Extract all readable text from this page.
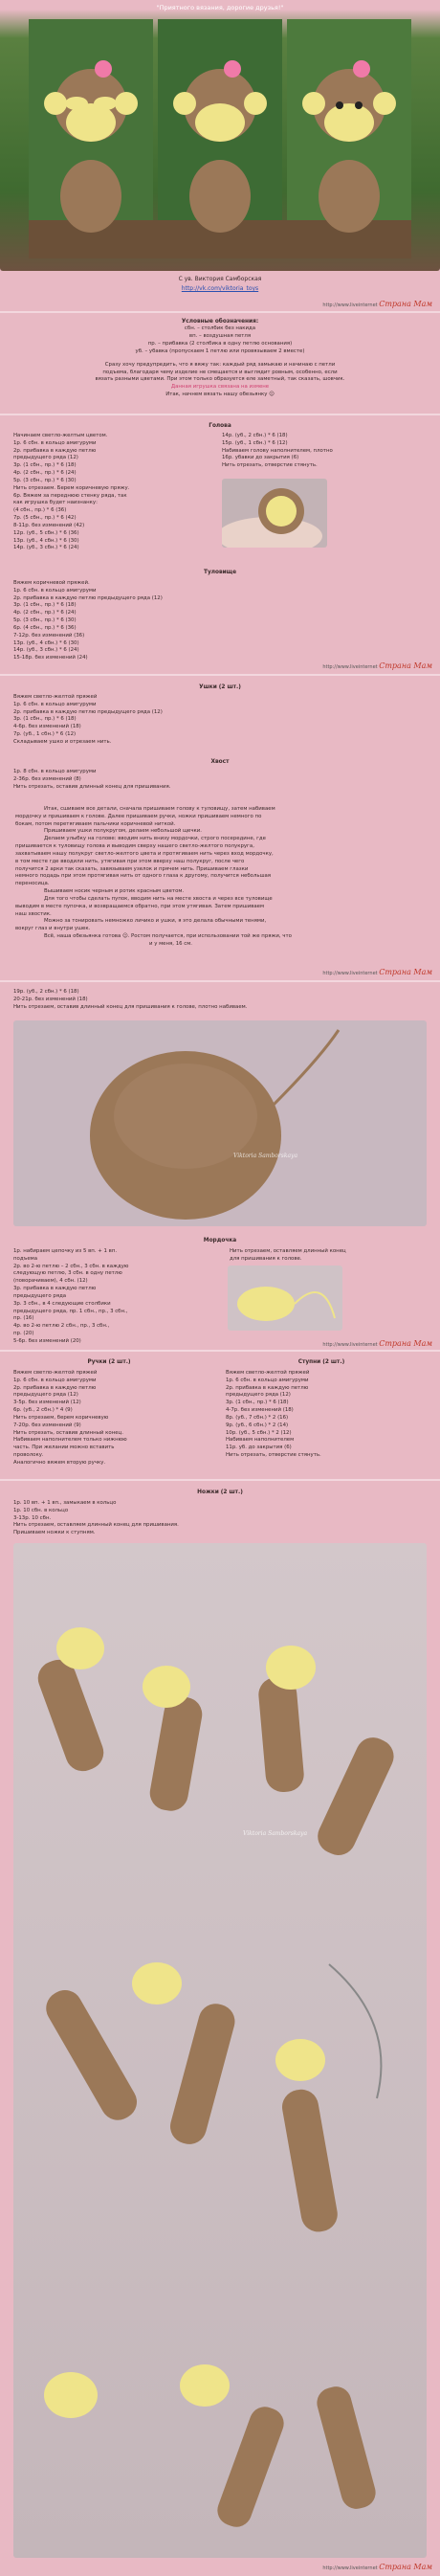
"Приятного вязания, дорогие друзья!"
С ув. Виктория Самборская
http://vk.com/viktoria_toys
http://www.liveinternet Страна Мам
Условные обозначения:
сбн. – столбик без накида
вп. – воздушная петля
пр. – прибавка (2 столбика в одну петлю основания)
уб. – убавка (пропускаем 1 петлю или провязываем 2 вместе)
Сразу хочу предупредить, что я вяжу так: каждый ряд замыкаю и начинаю с петли
подъема, благодаря чему изделие не смещается и выглядит ровным, особенно, если
вязать разными цветами. При этом только образуется еле заметный, так сказать, шовчик.
Данная игрушка связана на измене
Итак, начнем вязать нашу обезьянку ☺
Голова
Начинаем светло-желтым цветом.
1р. 6 сбн. в кольцо амигуруми
2р. прибавка в каждую петлю
предыдущего ряда (12)
3р. (1 сбн., пр.) * 6 (18)
4р. (2 сбн., пр.) * 6 (24)
5р. (3 сбн., пр.) * 6 (30)
Нить отрезаем. Берем коричневую пряжу.
6р. Вяжем за переднюю стенку ряда, так
как игрушка будет наизнанку:
(4 сбн., пр.) * 6 (36)
7р. (5 сбн., пр.) * 6 (42)
8-11р. без изменений (42)
12р. (уб., 5 сбн.) * 6 (36)
13р. (уб., 4 сбн.) * 6 (30)
14р. (уб., 3 сбн.) * 6 (24)
14р. (уб., 2 сбн.) * 6 (18)
15р. (уб., 1 сбн.) * 6 (12)
Набиваем голову наполнителем, плотно
16р. убавки до закрытия (6)
Нить отрезать, отверстие стянуть.
Туловище
Вяжем коричневой пряжей.
1р. 6 сбн. в кольцо амигуруми
2р. прибавка в каждую петлю предыдущего ряда (12)
3р. (1 сбн., пр.) * 6 (18)
4р. (2 сбн., пр.) * 6 (24)
5р. (3 сбн., пр.) * 6 (30)
6р. (4 сбн., пр.) * 6 (36)
7-12р. без изменений (36)
13р. (уб., 4 сбн.) * 6 (30)
14р. (уб., 3 сбн.) * 6 (24)
15-18р. без изменений (24)
http://www.liveinternet Страна Мам
Ушки (2 шт.)
Вяжем светло-желтой пряжей
1р. 6 сбн. в кольцо амигуруми
2р. прибавка в каждую петлю предыдущего ряда (12)
3р. (1 сбн., пр.) * 6 (18)
4-6р. без изменений (18)
7р. (уб., 1 сбн.) * 6 (12)
Складываем ушко и отрезаем нить.
Хвост
1р. 8 сбн. в кольцо амигуруми
2-36р. без изменений (8)
Нить отрезать, оставив длинный конец для пришивания.
Итак, сшиваем все детали, сначала пришиваем голову к туловищу, затем набиваем
мордочку и пришиваем к голове. Далее пришиваем ручки, ножки пришиваем немного по
бокам, потом перетягиваем пальчики коричневой ниткой.
Пришиваем ушки полукругом, делаем небольшой щечки.
Делаем улыбку на голове: вводим нить внизу мордочки, строго посередине, где
пришивается к туловищу голова и выводим сверху нашего светло-желтого полукруга,
захватываем нашу полукруг светло-желтого цвета и протягиваем нить через вход мордочку,
в том месте где вводили нить, утягивая при этом вверху наш полукруг, после чего
получится 2 арки так сказать, завязываем узелок и прячем нить. Пришиваем глазки
немного подадь при этом протягивая нить от одного глаза к другому, получится небольшая
переносица.
Вышиваем носик черным и ротик красным цветом.
Для того чтобы сделать пупок, вводим нить на месте хвоста и через все туловище
выводим в месте пупочка, и возвращаемся обратно, при этом утягивая. Затем пришиваем
наш хвостик.
Можно за тонировать немножко личико и ушки, я это делала обычными тенями,
вокруг глаз и внутри ушек.
Всё, наша обезьянка готова ☺. Ростом получается, при использовании той же пряжи, что
и у меня, 16 см.
http://www.liveinternet Страна Мам
19р. (уб., 2 сбн.) * 6 (18)
20-21р. без изменений (18)
Нить отрезаем, оставив длинный конец для пришивания к голове, плотно набиваем.
Viktoria Samborskaya
Мордочка
1р. набираем цепочку из 5 вп. + 1 вп.
подъема
2р. во 2-ю петлю – 2 сбн., 3 сбн. в каждую
следующую петлю, 3 сбн. в одну петлю
(поворачиваем), 4 сбн. (12)
3р. прибавка в каждую петлю
предыдущего ряда
3р. 3 сбн., в 4 следующие столбики
предыдущего ряда, пр. 1 сбн., пр., 3 сбн.,
пр. (16)
4р. во 2-ю петлю 2 сбн., пр., 3 сбн.,
пр. (20)
5-6р. без изменений (20)
Нить отрезаем, оставляем длинный конец
для пришивания к голове.
http://www.liveinternet Страна Мам
Ручки (2 шт.)	Ступни (2 шт.)
Вяжем светло-желтой пряжей
1р. 6 сбн. в кольцо амигуруми
2р. прибавка в каждую петлю
предыдущего ряда (12)
3-5р. без изменений (12)
6р. (уб., 2 сбн.) * 4 (9)
Нить отрезаем, берем коричневую
7-20р. без изменений (9)
Нить отрезать, оставив длинный конец.
Набиваем наполнителем только нижнюю
часть. При желании можно вставить
проволоку.
Аналогично вяжем вторую ручку.
Вяжем светло-желтой пряжей
1р. 6 сбн. в кольцо амигуруми
2р. прибавка в каждую петлю
предыдущего ряда (12)
3р. (1 сбн., пр.) * 6 (18)
4-7р. без изменений (18)
8р. (уб., 7 сбн.) * 2 (16)
9р. (уб., 6 сбн.) * 2 (14)
10р. (уб., 5 сбн.) * 2 (12)
Набиваем наполнителем
11р. уб. до закрытия (6)
Нить отрезать, отверстие стянуть.
Ножки (2 шт.)
1р. 10 вп. + 1 вп., замыкаем в кольцо
1р. 10 сбн. в кольцо
3-13р. 10 сбн.
Нить отрезаем, оставляем длинный конец для пришивания.
Пришиваем ножки к ступням.
Viktoria Samborskaya
http://www.liveinternet Страна Мам
